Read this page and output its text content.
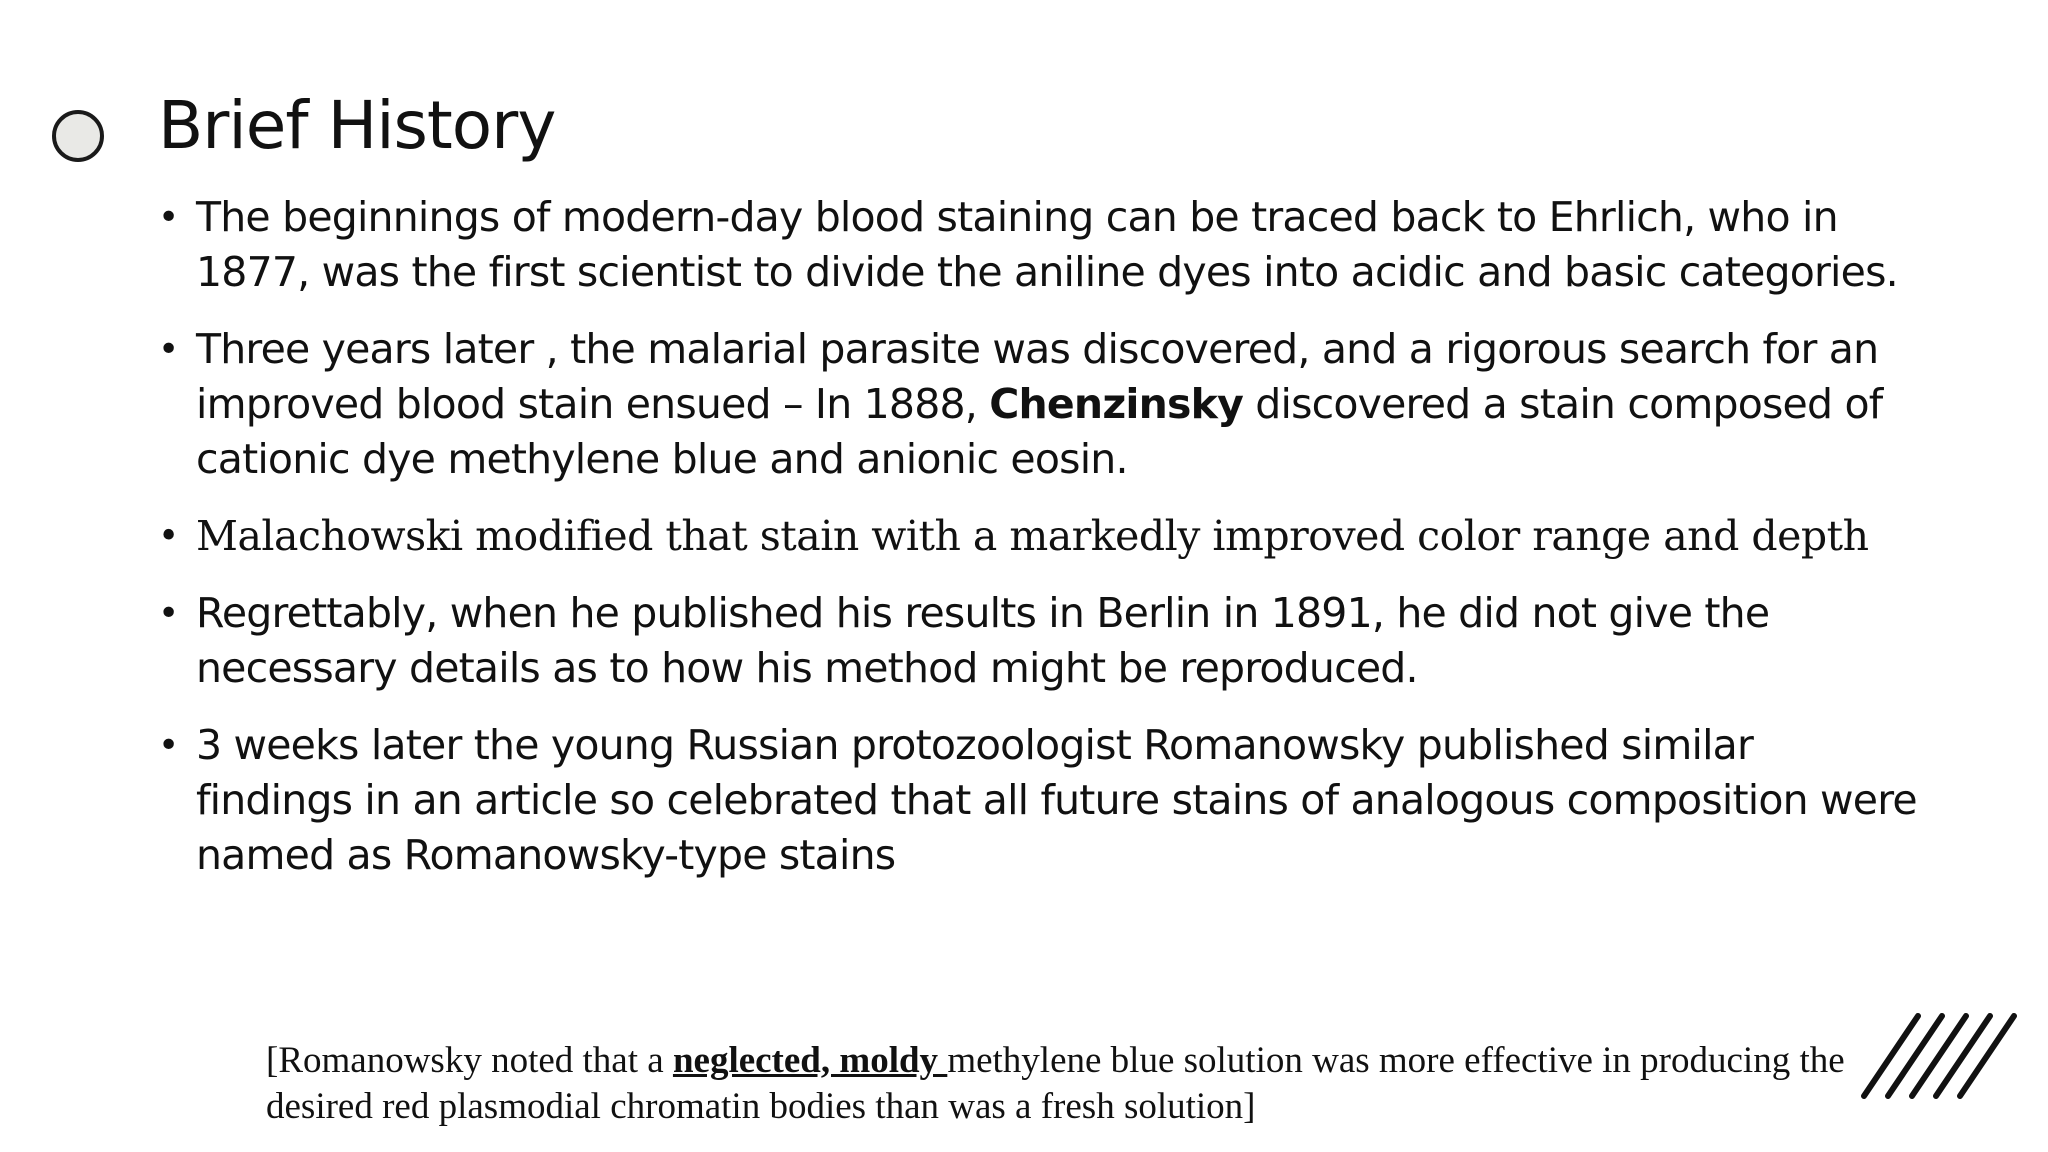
Brief History
• The beginnings of modern-day blood staining can be traced back to Ehrlich, who in 1877, was the first scientist to divide the aniline dyes into acidic and basic categories.
• Three years later , the malarial parasite was discovered, and a rigorous search for an improved blood stain ensued – In 1888, Chenzinsky discovered a stain composed of cationic dye methylene blue and anionic eosin.
• Malachowski modified that stain with a markedly improved color range and depth
• Regrettably, when he published his results in Berlin in 1891, he did not give the necessary details as to how his method might be reproduced.
• 3 weeks later the young Russian protozoologist Romanowsky published similar findings in an article so celebrated that all future stains of analogous composition were named as Romanowsky-type stains
[Romanowsky noted that a neglected, moldy methylene blue solution was more effective in producing the desired red plasmodial chromatin bodies than was a fresh solution]
